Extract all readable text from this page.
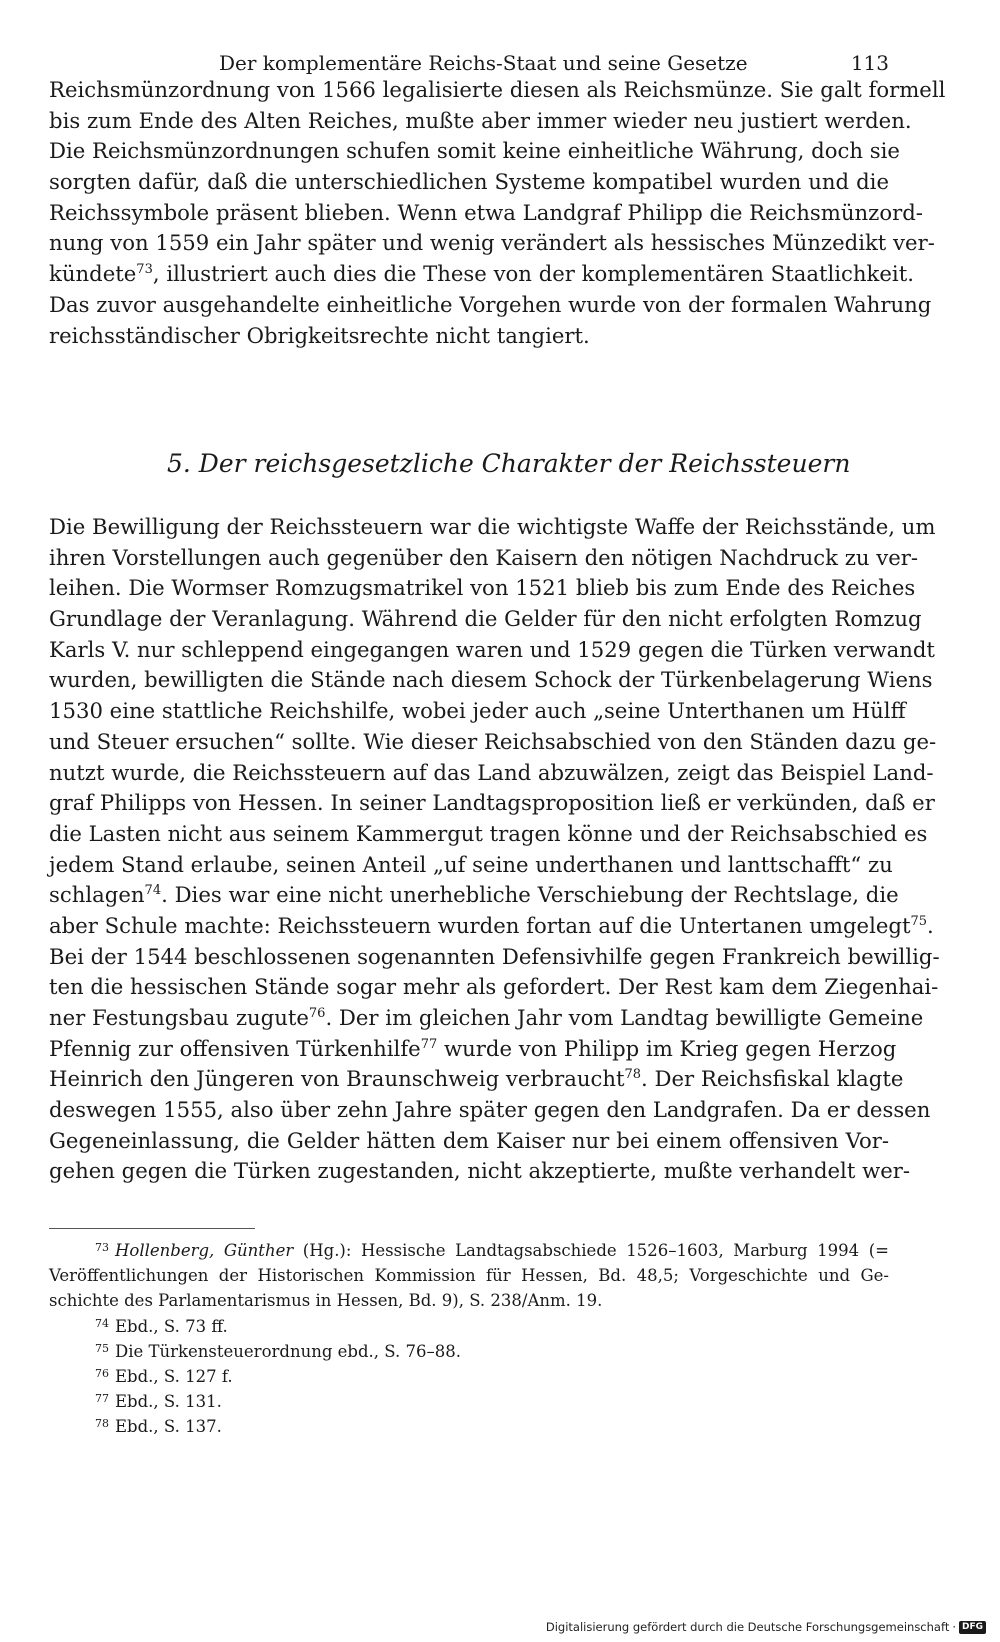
Der komplementäre Reichs-Staat und seine Gesetze	113
Reichsmünzordnung von 1566 legalisierte diesen als Reichsmünze. Sie galt formell
bis zum Ende des Alten Reiches, mußte aber immer wieder neu justiert werden.
Die Reichsmünzordnungen schufen somit keine einheitliche Währung, doch sie
sorgten dafür, daß die unterschiedlichen Systeme kompatibel wurden und die
Reichssymbole präsent blieben. Wenn etwa Landgraf Philipp die Reichsmünzord-
nung von 1559 ein Jahr später und wenig verändert als hessisches Münzedikt ver-
kündete$^{73}$, illustriert auch dies die These von der komplementären Staatlichkeit.
Das zuvor ausgehandelte einheitliche Vorgehen wurde von der formalen Wahrung
reichsständischer Obrigkeitsrechte nicht tangiert.
5. Der reichsgesetzliche Charakter der Reichssteuern
Die Bewilligung der Reichssteuern war die wichtigste Waffe der Reichsstände, um
ihren Vorstellungen auch gegenüber den Kaisern den nötigen Nachdruck zu ver-
leihen. Die Wormser Romzugsmatrikel von 1521 blieb bis zum Ende des Reiches
Grundlage der Veranlagung. Während die Gelder für den nicht erfolgten Romzug
Karls V. nur schleppend eingegangen waren und 1529 gegen die Türken verwandt
wurden, bewilligten die Stände nach diesem Schock der Türkenbelagerung Wiens
1530 eine stattliche Reichshilfe, wobei jeder auch „seine Unterthanen um Hülff
und Steuer ersuchen“ sollte. Wie dieser Reichsabschied von den Ständen dazu ge-
nutzt wurde, die Reichssteuern auf das Land abzuwälzen, zeigt das Beispiel Land-
graf Philipps von Hessen. In seiner Landtagsproposition ließ er verkünden, daß er
die Lasten nicht aus seinem Kammergut tragen könne und der Reichsabschied es
jedem Stand erlaube, seinen Anteil „uf seine underthanen und lanttschafft“ zu
schlagen$^{74}$. Dies war eine nicht unerhebliche Verschiebung der Rechtslage, die
aber Schule machte: Reichssteuern wurden fortan auf die Untertanen umgelegt$^{75}$.
Bei der 1544 beschlossenen sogenannten Defensivhilfe gegen Frankreich bewillig-
ten die hessischen Stände sogar mehr als gefordert. Der Rest kam dem Ziegenhai-
ner Festungsbau zugute$^{76}$. Der im gleichen Jahr vom Landtag bewilligte Gemeine
Pfennig zur offensiven Türkenhilfe$^{77}$ wurde von Philipp im Krieg gegen Herzog
Heinrich den Jüngeren von Braunschweig verbraucht$^{78}$. Der Reichsfiskal klagte
deswegen 1555, also über zehn Jahre später gegen den Landgrafen. Da er dessen
Gegeneinlassung, die Gelder hätten dem Kaiser nur bei einem offensiven Vor-
gehen gegen die Türken zugestanden, nicht akzeptierte, mußte verhandelt wer-
$^{73}$ Hollenberg, Günther (Hg.): Hessische Landtagsabschiede 1526–1603, Marburg 1994 (=
Veröffentlichungen der Historischen Kommission für Hessen, Bd. 48,5; Vorgeschichte und Ge-
schichte des Parlamentarismus in Hessen, Bd. 9), S. 238/Anm. 19.
$^{74}$ Ebd., S. 73 ff.
$^{75}$ Die Türkensteuerordnung ebd., S. 76–88.
$^{76}$ Ebd., S. 127 f.
$^{77}$ Ebd., S. 131.
$^{78}$ Ebd., S. 137.
Digitalisierung gefördert durch die Deutsche Forschungsgemeinschaft · DFG
